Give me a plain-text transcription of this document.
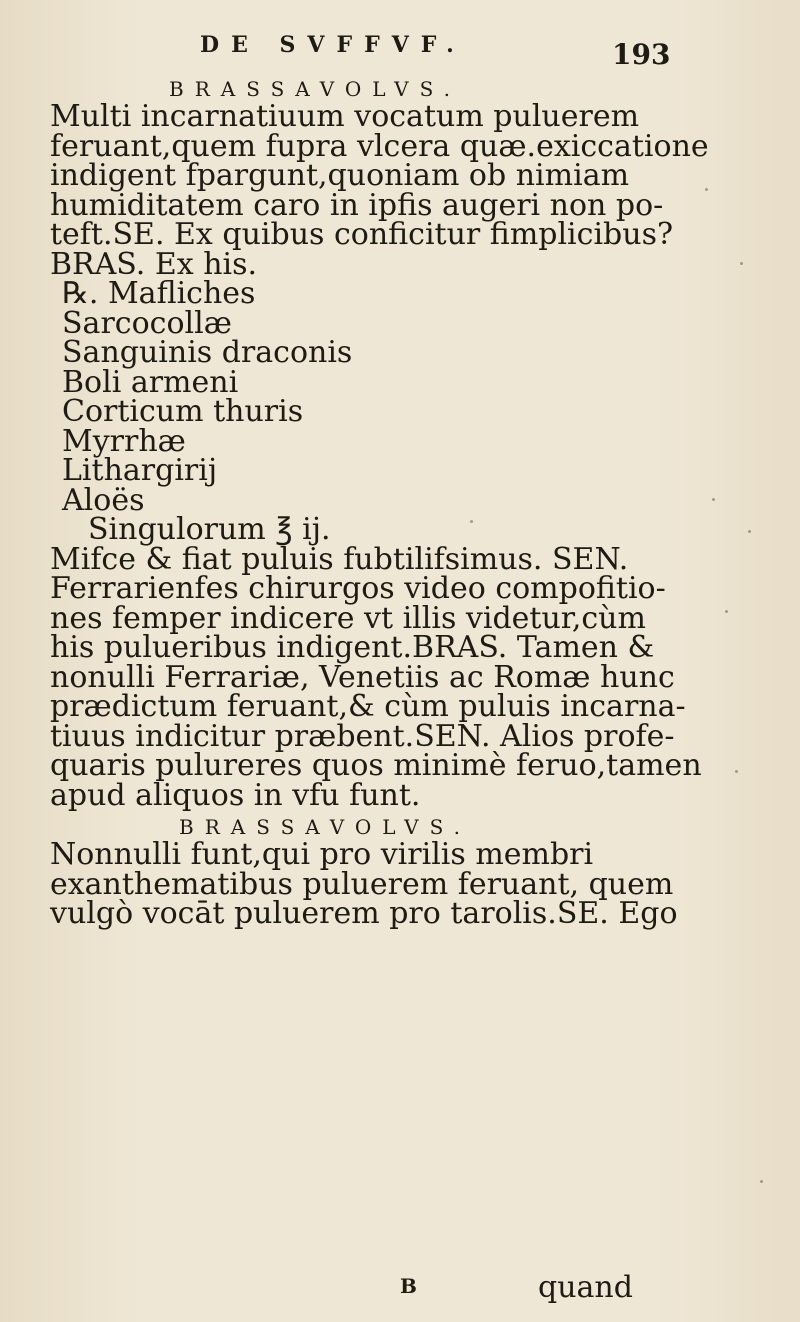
DE SVFFVF.	193
BRASSAVOLVS.
Multi incarnatiuum vocatum puluerem
feruant,quem fupra vlcera quæ.exiccatione
indigent fpargunt,quoniam ob nimiam
humiditatem caro in ipfis augeri non po-
teft.SE. Ex quibus conficitur fimplicibus?
BRAS. Ex his.
℞. Mafliches
Sarcocollæ
Sanguinis draconis
Boli armeni
Corticum thuris
Myrrhæ
Lithargirij
Aloës
Singulorum ℥ ij.
Mifce & fiat puluis fubtilifsimus. SEN.
Ferrarienfes chirurgos video compofitio-
nes femper indicere vt illis videtur,cùm
his pulueribus indigent.BRAS. Tamen &
nonulli Ferrariæ, Venetiis ac Romæ hunc
prædictum feruant,& cùm puluis incarna-
tiuus indicitur præbent.SEN. Alios profe-
quaris pulureres quos minimè feruo,tamen
apud aliquos in vfu funt.
BRASSAVOLVS.
Nonnulli funt,qui pro virilis membri
exanthematibus puluerem feruant, quem
vulgò vocāt puluerem pro tarolis.SE. Ego
B	quand
